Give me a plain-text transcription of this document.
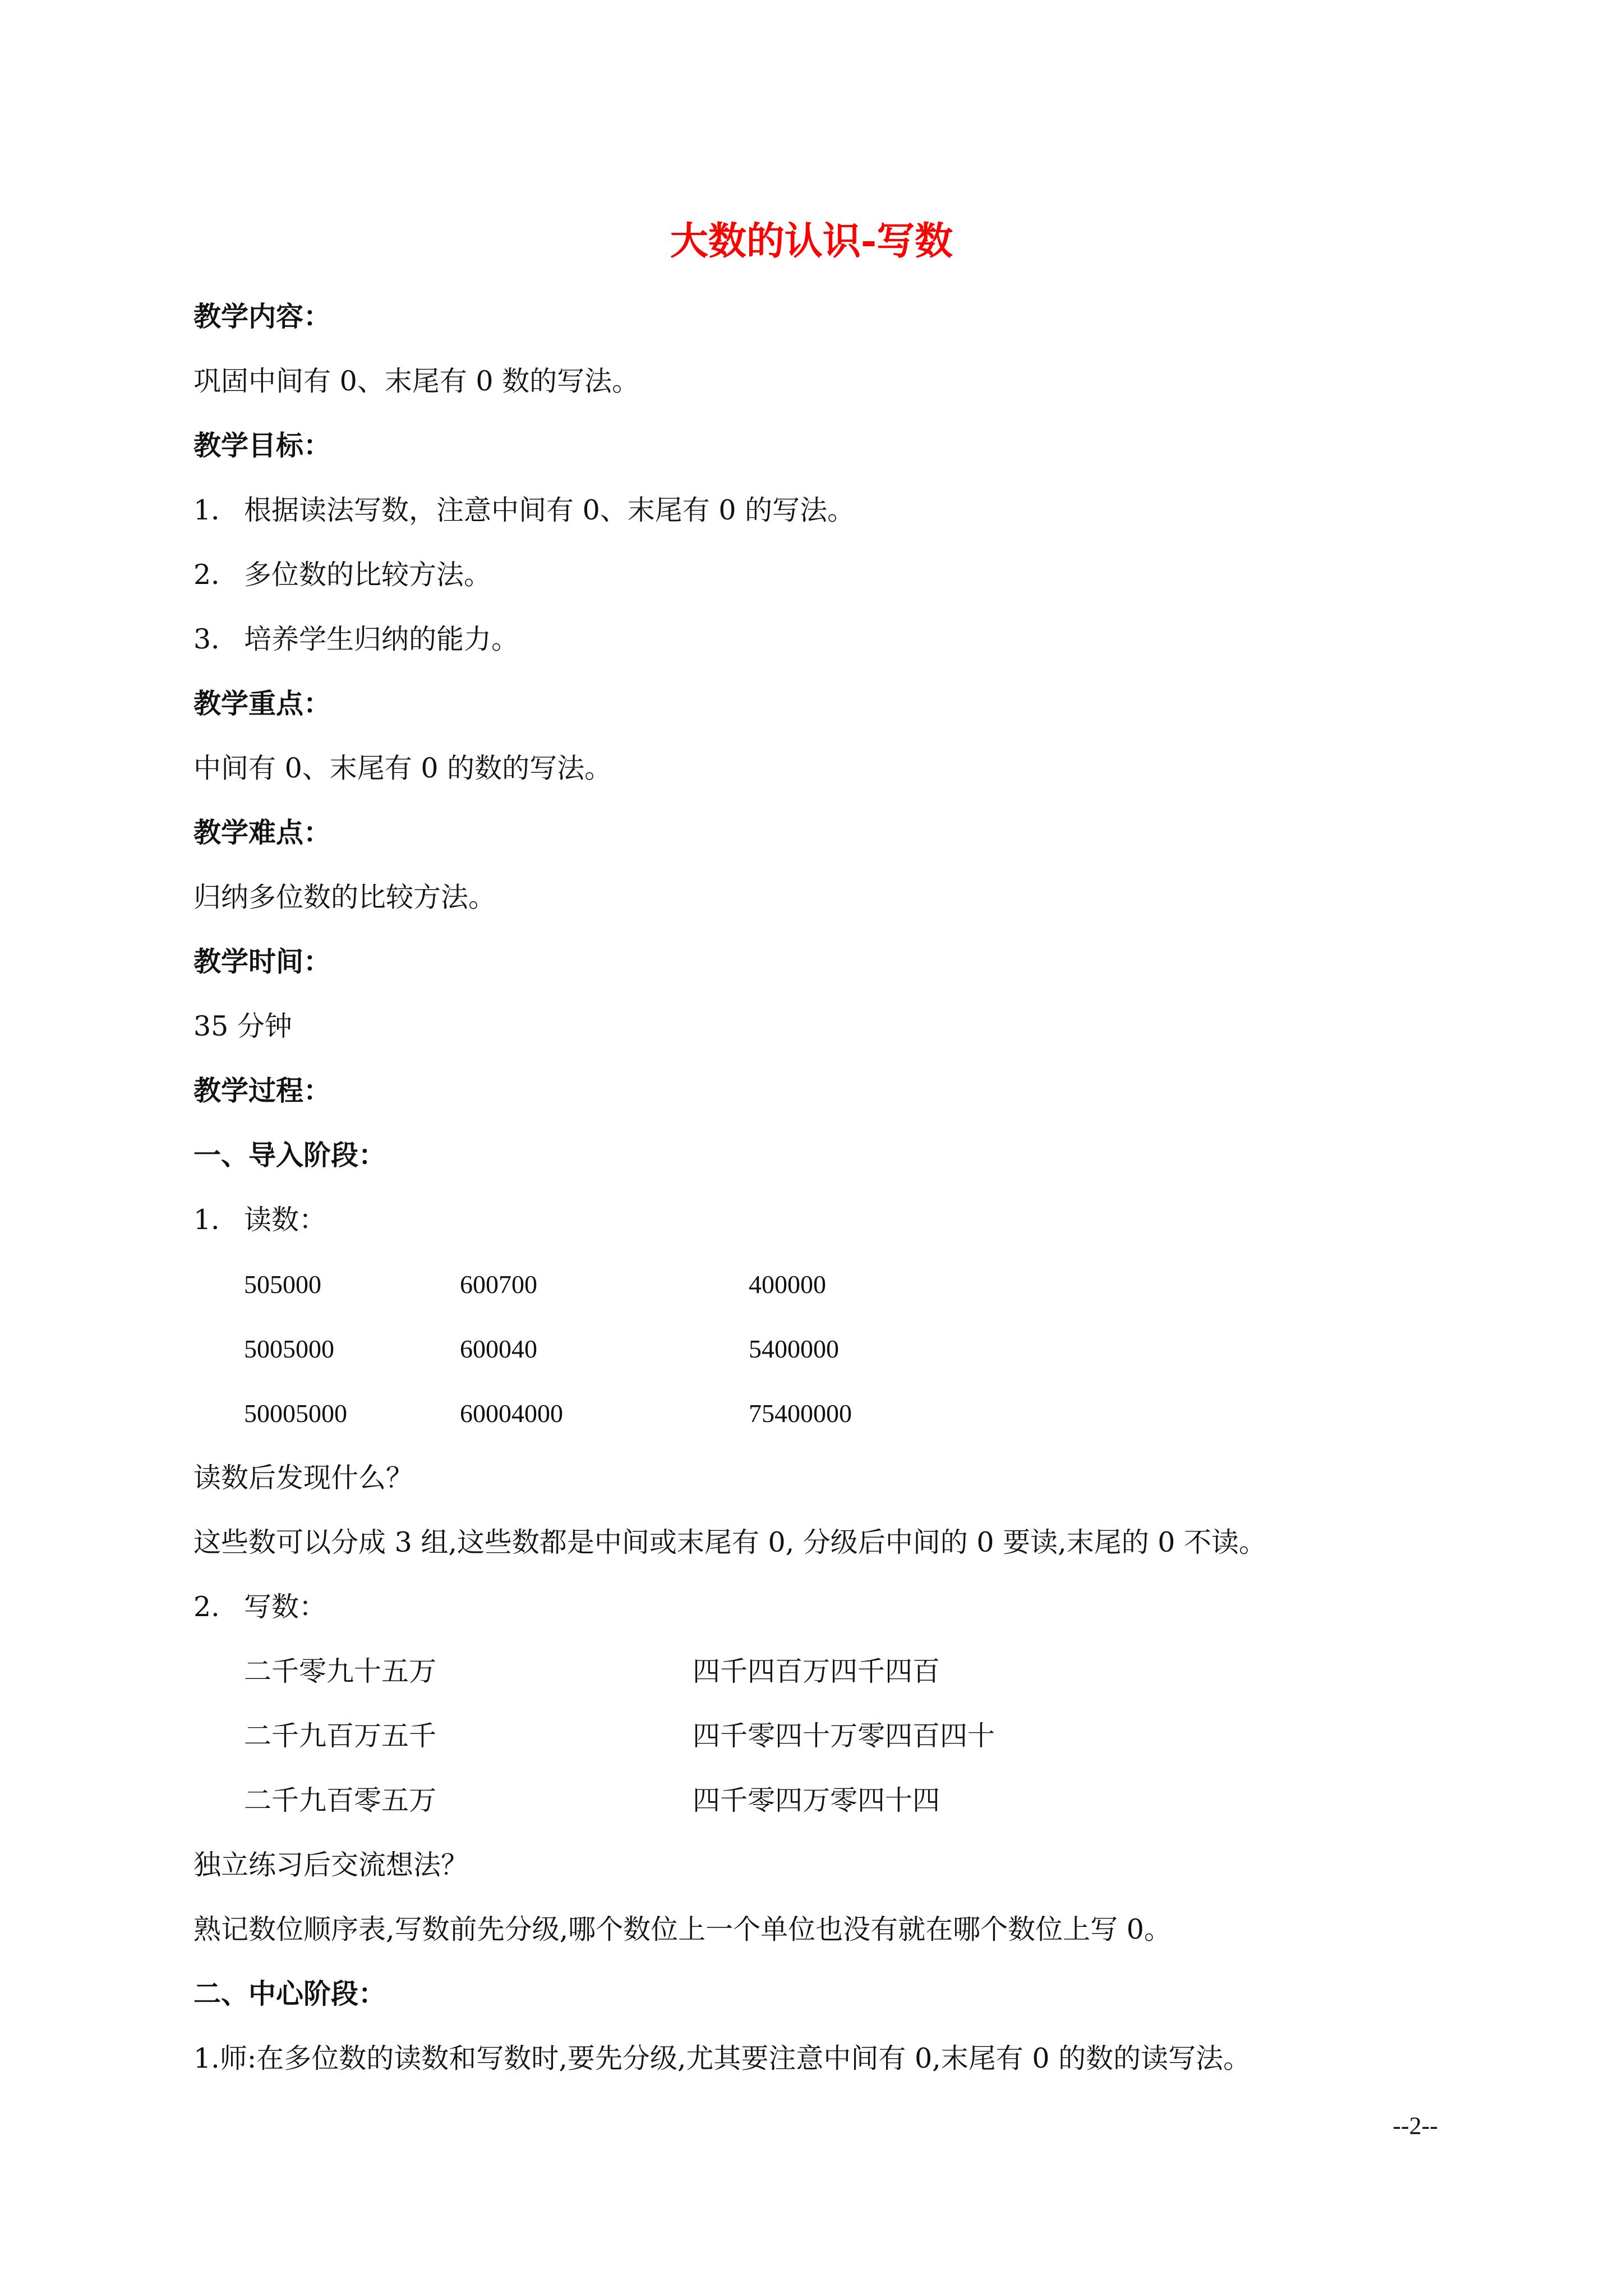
大数的认识-写数
教学内容：
巩固中间有 0、末尾有 0 数的写法。
教学目标：
1． 根据读法写数，注意中间有 0、末尾有 0 的写法。
2． 多位数的比较方法。
3． 培养学生归纳的能力。
教学重点：
中间有 0、末尾有 0 的数的写法。
教学难点：
归纳多位数的比较方法。
教学时间：
35 分钟
教学过程：
一、导入阶段：
1． 读数：
505000	600700	400000
5005000	600040	5400000
50005000	60004000	75400000
读数后发现什么？
这些数可以分成 3 组,这些数都是中间或末尾有 0, 分级后中间的 0 要读,末尾的 0 不读。
2. 写数：
二千零九十五万	四千四百万四千四百
二千九百万五千	四千零四十万零四百四十
二千九百零五万	四千零四万零四十四
独立练习后交流想法？
熟记数位顺序表,写数前先分级,哪个数位上一个单位也没有就在哪个数位上写 0。
二、中心阶段：
1.师:在多位数的读数和写数时,要先分级,尤其要注意中间有 0,末尾有 0 的数的读写法。
--2--
